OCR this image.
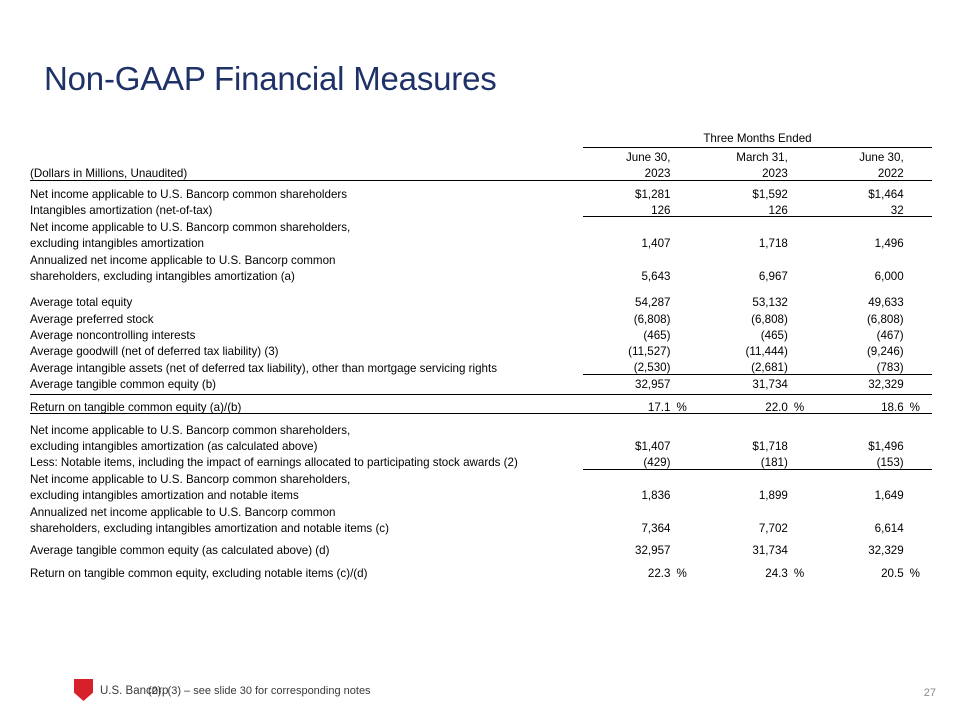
Non-GAAP Financial Measures
	Three Months Ended					
	June 30,		March 31,		June 30,	
(Dollars in Millions, Unaudited)	2023		2023		2022	

Net income applicable to U.S. Bancorp common shareholders	$1,281		$1,592		$1,464	
Intangibles amortization (net-of-tax)	126		126		32	
Net income applicable to U.S. Bancorp common shareholders,						
excluding intangibles amortization	1,407		1,718		1,496	
Annualized net income applicable to U.S. Bancorp common						
shareholders, excluding intangibles amortization (a)	5,643		6,967		6,000	

Average total equity	54,287		53,132		49,633	
Average preferred stock	(6,808)		(6,808)		(6,808)	
Average noncontrolling interests	(465)		(465)		(467)	
Average goodwill (net of deferred tax liability) (3)	(11,527)		(11,444)		(9,246)	
Average intangible assets (net of deferred tax liability), other than mortgage servicing rights	(2,530)		(2,681)		(783)	
Average tangible common equity (b)	32,957		31,734		32,329	

Return on tangible common equity (a)/(b)	17.1	%	22.0	%	18.6	%

Net income applicable to U.S. Bancorp common shareholders,						
excluding intangibles amortization (as calculated above)	$1,407		$1,718		$1,496	
Less: Notable items, including the impact of earnings allocated to participating stock awards (2)	(429)		(181)		(153)	
Net income applicable to U.S. Bancorp common shareholders,						
excluding intangibles amortization and notable items	1,836		1,899		1,649	
Annualized net income applicable to U.S. Bancorp common						
shareholders, excluding intangibles amortization and notable items (c)	7,364		7,702		6,614	

Average tangible common equity (as calculated above) (d)	32,957		31,734		32,329	

Return on tangible common equity, excluding notable items (c)/(d)	22.3	%	24.3	%	20.5	%
U.S. Bancorp
(2), (3) – see slide 30 for corresponding notes	27
